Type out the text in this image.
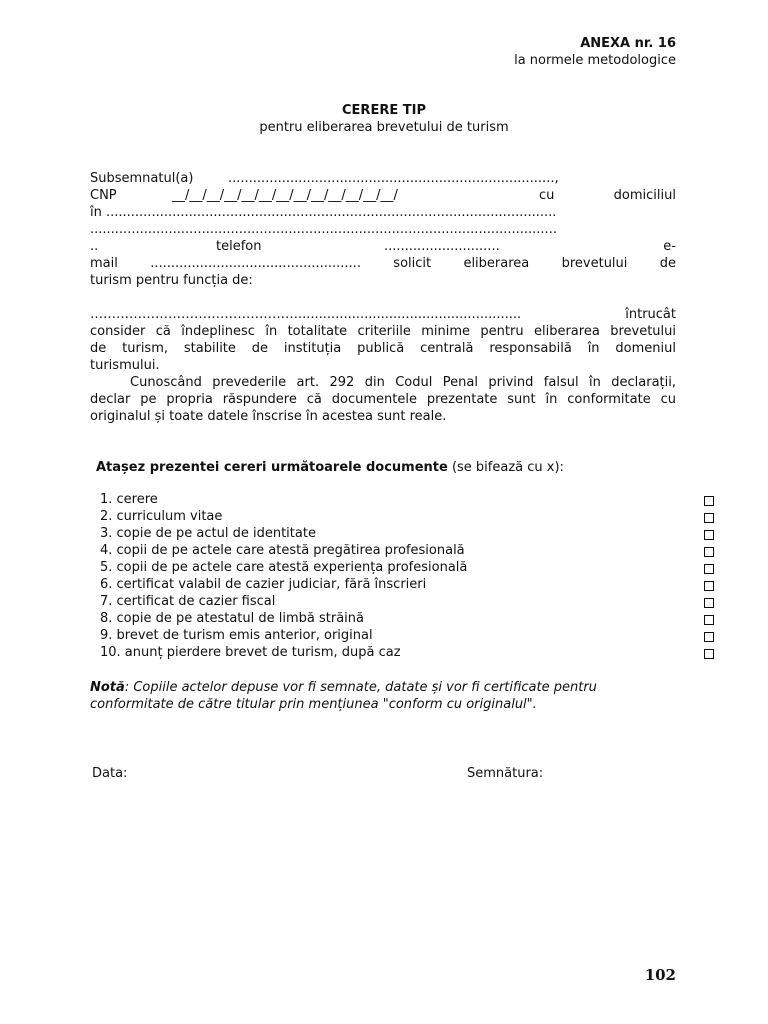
ANEXA nr. 16
la normele metodologice
CERERE TIP
pentru eliberarea brevetului de turism
Subsemnatul(a)	...............................................................................,
CNP	__/__/__/__/__/__/__/__/__/__/__/__/__/	cu	domiciliul
în .............................................................................................................
.................................................................................................................
..	telefon	............................	e-
mail ................................................... solicit eliberarea brevetului de
turism pentru funcția de:
…………………………………………......................................................	întrucât
consider că îndeplinesc în totalitate criteriile minime pentru eliberarea brevetului
de turism, stabilite de instituția publică centrală responsabilă în domeniul
turismului.
Cunoscând prevederile art. 292 din Codul Penal privind falsul în declarații,
declar pe propria răspundere că documentele prezentate sunt în conformitate cu
originalul și toate datele înscrise în acestea sunt reale.
Atașez prezentei cereri următoarele documente (se bifează cu x):
1. cerere
2. curriculum vitae
3. copie de pe actul de identitate
4. copii de pe actele care atestă pregătirea profesională
5. copii de pe actele care atestă experiența profesională
6. certificat valabil de cazier judiciar, fără înscrieri
7. certificat de cazier fiscal
8. copie de pe atestatul de limbă străină
9. brevet de turism emis anterior, original
10. anunț pierdere brevet de turism, după caz
Notă: Copiile actelor depuse vor fi semnate, datate și vor fi certificate pentru
conformitate de către titular prin mențiunea "conform cu originalul".
Data:	Semnătura:
102
